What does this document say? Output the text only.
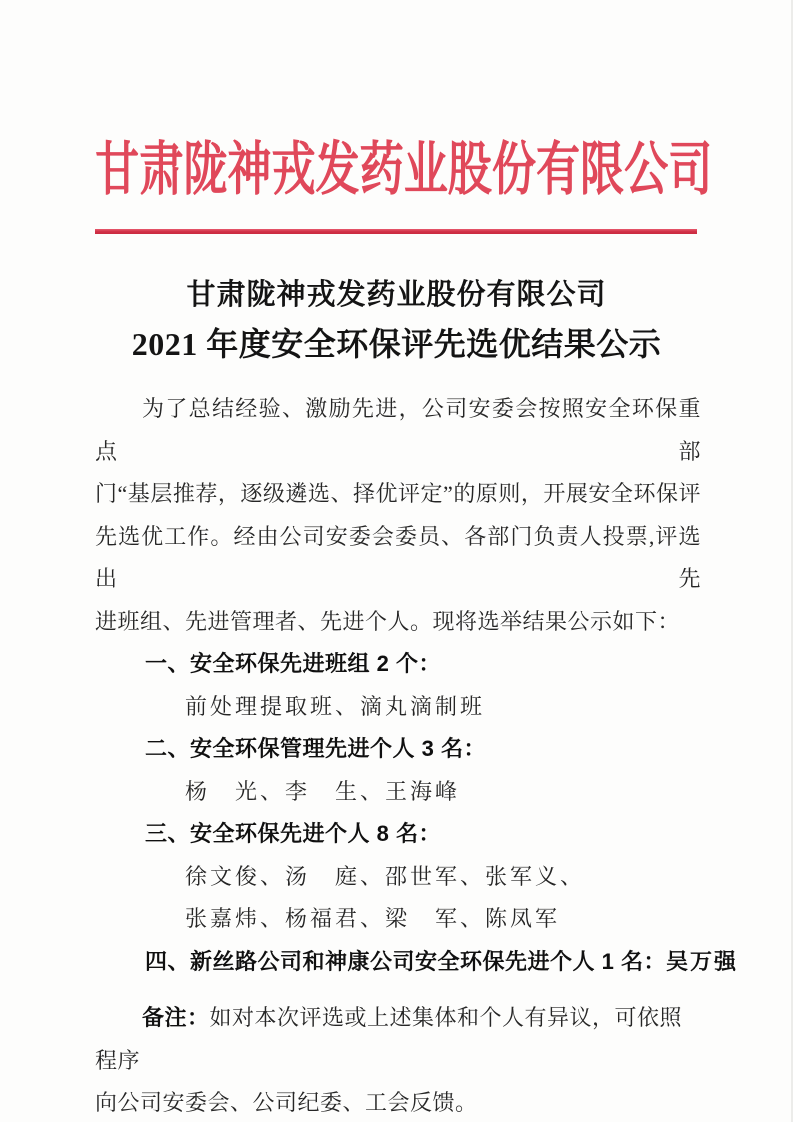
甘肃陇神戎发药业股份有限公司
甘肃陇神戎发药业股份有限公司
2021 年度安全环保评先选优结果公示
为了总结经验、激励先进，公司安委会按照安全环保重点部
门“基层推荐，逐级遴选、择优评定”的原则，开展安全环保评
先选优工作。经由公司安委会委员、各部门负责人投票,评选出先
进班组、先进管理者、先进个人。现将选举结果公示如下：
一、安全环保先进班组 2 个：
前处理提取班、滴丸滴制班
二、安全环保管理先进个人 3 名：
杨　光、李　生、王海峰
三、安全环保先进个人 8 名：
徐文俊、汤　庭、邵世军、张军义、
张嘉炜、杨福君、梁　军、陈凤军
四、新丝路公司和神康公司安全环保先进个人 1 名：吴万强
备注：如对本次评选或上述集体和个人有异议，可依照程序
向公司安委会、公司纪委、工会反馈。
